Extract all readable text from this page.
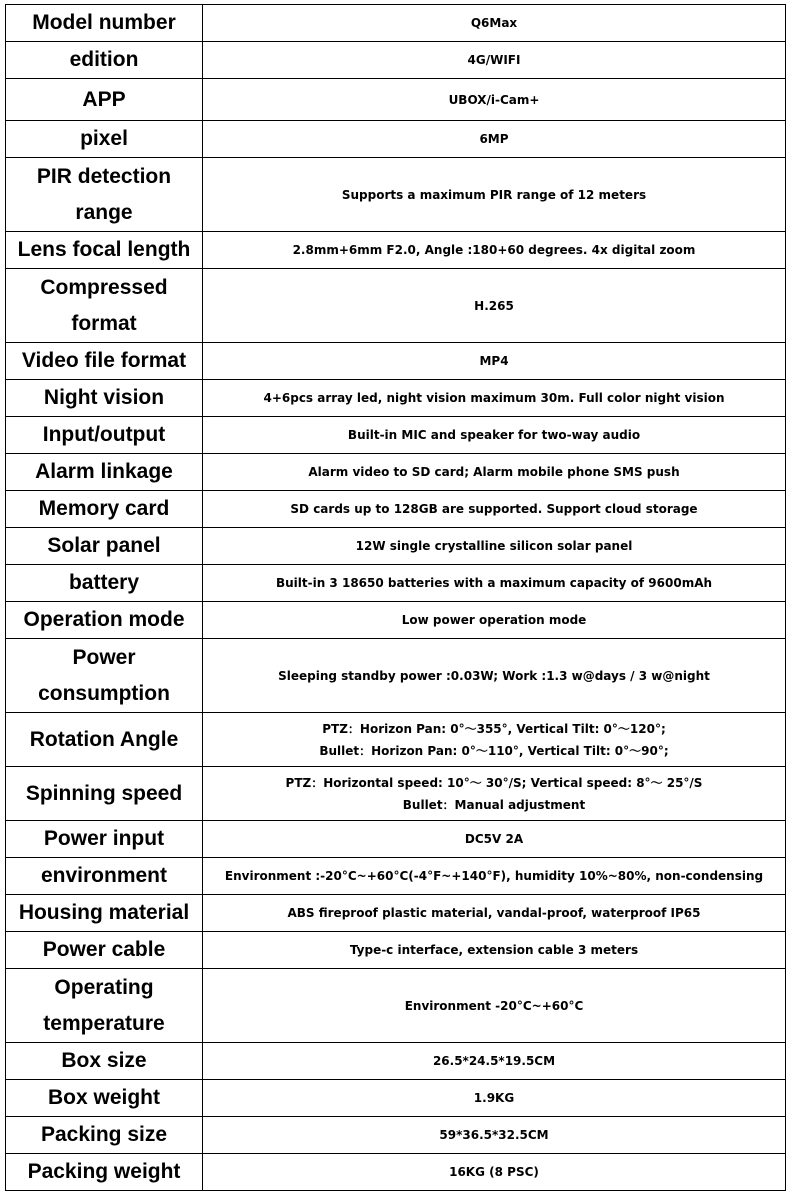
Model number	Q6Max

edition	4G/WIFI

APP	UBOX/i-Cam+

pixel	6MP

PIR detection range	Supports a maximum PIR range of 12 meters

Lens focal length	2.8mm+6mm F2.0, Angle :180+60 degrees. 4x digital zoom

Compressed format	H.265

Video file format	MP4

Night vision	4+6pcs array led, night vision maximum 30m. Full color night vision

Input/output	Built-in MIC and speaker for two-way audio

Alarm linkage	Alarm video to SD card; Alarm mobile phone SMS push

Memory card	SD cards up to 128GB are supported. Support cloud storage

Solar panel	12W single crystalline silicon solar panel

battery	Built-in 3 18650 batteries with a maximum capacity of 9600mAh

Operation mode	Low power operation mode

Power consumption	Sleeping standby power :0.03W; Work :1.3 w@days / 3 w@night

Rotation Angle	PTZ：Horizon Pan: 0°～355°, Vertical Tilt: 0°～120°;
Bullet：Horizon Pan: 0°～110°, Vertical Tilt: 0°～90°;

Spinning speed	PTZ：Horizontal speed: 10°～ 30°/S; Vertical speed: 8°～ 25°/S
Bullet：Manual adjustment

Power input	DC5V 2A

environment	Environment :-20°C~+60°C(-4°F~+140°F), humidity 10%~80%, non-condensing

Housing material	ABS fireproof plastic material, vandal-proof, waterproof IP65

Power cable	Type-c interface, extension cable 3 meters

Operating temperature	Environment -20°C~+60°C

Box size	26.5*24.5*19.5CM

Box weight	1.9KG

Packing size	59*36.5*32.5CM

Packing weight	16KG (8 PSC)
